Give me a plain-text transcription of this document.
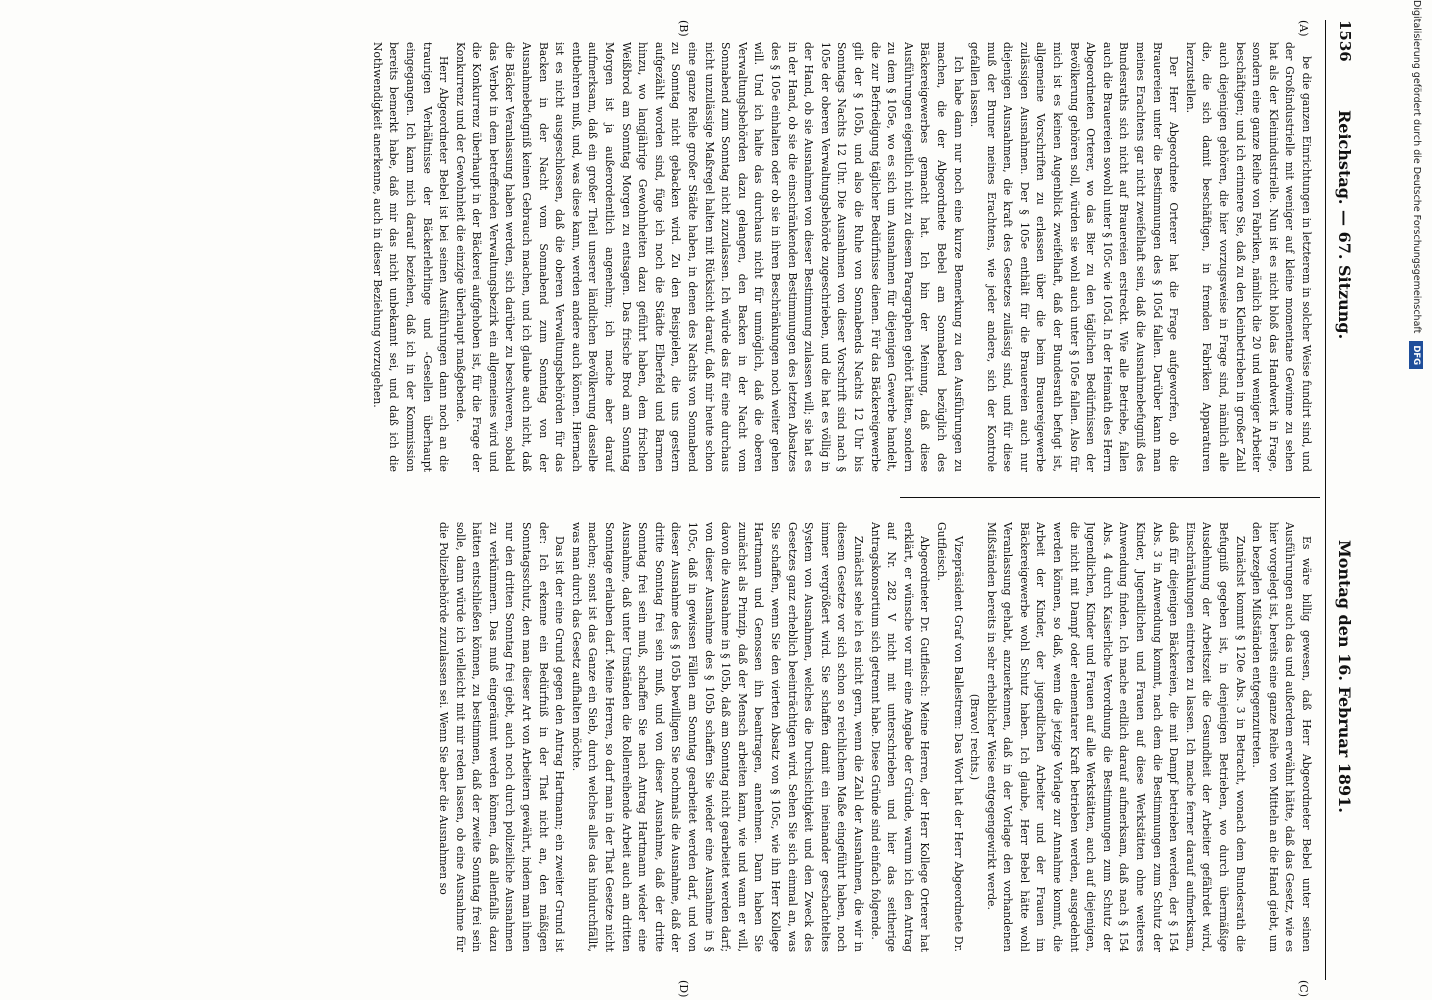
1536
Reichstag. — 67. Sitzung.
Montag den 16. Februar 1891.
(A)
(B)
(C)
(D)

be die ganzen Einrichtungen in letzterem in solcher Weise fundirt sind, und der Großindustrielle mit weniger auf kleine momentane Gewinne zu sehen hat als der Kleinindustrielle. Nun ist es nicht bloß das Handwerk in Frage, sondern eine ganze Reihe von Fabriken, nämlich die 20 und weniger Arbeiter beschäftigen; und ich erinnere Sie, daß zu den Kleinbetrieben in großer Zahl auch diejenigen gehören, die hier vorzugsweise in Frage sind, nämlich alle die, die sich damit beschäftigen, in fremden Fabriken Apparaturen herzustellen.

Der Herr Abgeordnete Orterer hat die Frage aufgeworfen, ob die Brauereien unter die Bestimmungen des § 105d fallen. Darüber kann man meines Erachtens gar nicht zweifelhaft sein, daß die Ausnahmebefugniß des Bundesraths sich nicht auf Brauereien erstreckt. Wie alle Betriebe, fallen auch die Brauereien sowohl unter § 105c wie 105d. In der Heimath des Herrn Abgeordneten Orterer, wo das Bier zu den täglichen Bedürfnissen der Bevölkerung gehören soll, würden sie wohl auch unter § 105e fallen. Also für mich ist es keinen Augenblick zweifelhaft, daß der Bundesrath befugt ist, allgemeine Vorschriften zu erlassen über die beim Brauereigewerbe zulässigen Ausnahmen. Der § 105e enthält für die Brauereien auch nur diejenigen Ausnahmen, die kraft des Gesetzes zulässig sind, und für diese muß der Bruner meines Erachtens, wie jeder andere, sich der Kontrole gefallen lassen.

Ich habe dann nur noch eine kurze Bemerkung zu den Ausführungen zu machen, die der Abgeordnete Bebel am Sonnabend bezüglich des Bäckereigewerbes gemacht hat. Ich bin der Meinung, daß diese Ausführungen eigentlich nicht zu diesem Paragraphen gehört hätten, sondern zu dem § 105e, wo es sich um Ausnahmen für diejenigen Gewerbe handelt, die zur Befriedigung täglicher Bedürfnisse dienen. Für das Bäckereigewerbe gilt der § 105b, und also die Ruhe von Sonnabends Nachts 12 Uhr bis Sonntags Nachts 12 Uhr. Die Ausnahmen von dieser Vorschrift sind nach § 105e der oberen Verwaltungsbehörde zugeschrieben, und die hat es völlig in der Hand, ob sie Ausnahmen von dieser Bestimmung zulassen will; sie hat es in der Hand, ob sie die einschränkenden Bestimmungen des letzten Absatzes des § 105e einhalten oder ob sie in ihren Beschränkungen noch weiter gehen will. Und ich halte das durchaus nicht für unmöglich, daß die oberen Verwaltungsbehörden dazu gelangen, den Backen in der Nacht vom Sonnabend zum Sonntag nicht zuzulassen. Ich würde das für eine durchaus nicht unzulässige Maßregel halten mit Rücksicht darauf, daß mir heute schon eine ganze Reihe großer Städte haben, in denen des Nachts von Sonnabend zu Sonntag nicht gebacken wird. Zu den Beispielen, die uns gestern aufgezählt worden sind, füge ich noch die Städte Elberfeld und Barmen hinzu, wo langjährige Gewohnheiten dazu geführt haben, dem frischen Weißbrod am Sonntag Morgen zu entsagen. Das frische Brod am Sonntag Morgen ist ja außerordentlich angenehm; ich mache aber darauf aufmerksam, daß ein großer Theil unserer ländlichen Bevölkerung dasselbe entbehren muß, und, was diese kann, werden andere auch können. Hiernach ist es nicht ausgeschlossen, daß die oberen Verwaltungsbehörden für das Backen in der Nacht vom Sonnabend zum Sonntag von der Ausnahmebefugniß keinen Gebrauch machen, und ich glaube auch nicht, daß die Bäcker Veranlassung haben werden, sich darüber zu beschweren, sobald das Verbot in dem betreffenden Verwaltungsbezirk ein allgemeines wird und die Konkurrenz überhaupt in der Bäckerei aufgehoben ist, für die Frage der Konkurrenz und der Gewohnheit die einzige überhaupt maßgebende.

Herr Abgeordneter Bebel ist bei seinen Ausführungen dann noch an die traurigen Verhältnisse der Bäckerlehrlinge und -Gesellen überhaupt eingegangen. Ich kann mich darauf beziehen, daß ich in der Kommission bereits bemerkt habe, daß mir das nicht unbekannt sei, und daß ich die Nothwendigkeit anerkenne, auch in dieser Beziehung vorzugehen.

Es wäre billig gewesen, daß Herr Abgeordneter Bebel unter seinen Ausführungen auch das und außerdem erwähnt hätte, daß das Gesetz, wie es hier vorgelegt ist, bereits eine ganze Reihe von Mitteln an die Hand giebt, um den bezeglen Mißständen entgegenzutreten.

Zunächst kommt § 120e Abs. 3 in Betracht, wonach dem Bundesrath die Befugniß gegeben ist, in denjenigen Betrieben, wo durch übermäßige Ausdehnung der Arbeitszeit die Gesundheit der Arbeiter gefährdet wird, Einschränkungen eintreten zu lassen. Ich mache ferner darauf aufmerksam, daß für diejenigen Bäckereien, die mit Dampf betrieben werden, der § 154 Abs. 3 in Anwendung kommt, nach dem die Bestimmungen zum Schutz der Kinder, Jugendlichen und Frauen auf diese Werkstätten ohne weiteres Anwendung finden. Ich mache endlich darauf aufmerksam, daß nach § 154 Abs. 4 durch Kaiserliche Verordnung die Bestimmungen zum Schutz der Jugendlichen, Kinder und Frauen auf alle Werkstätten, auch auf diejenigen, die nicht mit Dampf oder elementarer Kraft betrieben werden, ausgedehnt werden können, so daß, wenn die jetzige Vorlage zur Annahme kommt, die Arbeit der Kinder, der jugendlichen Arbeiter und der Frauen im Bäckereigewerbe wohl Schutz haben. Ich glaube, Herr Bebel hätte wohl Veranlassung gehabt, anzuerkennen, daß in der Vorlage den vorhandenen Mißständen bereits in sehr erheblicher Weise entgegengewirkt werde.

(Bravo! rechts.)

Vizepräsident Graf von Ballestrem: Das Wort hat der Herr Abgeordnete Dr. Gutfleisch.

Abgeordneter Dr. Gutfleisch: Meine Herren, der Herr Kollege Orterer hat erklärt, er wünsche vor mir eine Angabe der Gründe, warum ich den Antrag auf Nr. 282 V nicht mit unterschrieben und hier das seitherige Antragskonsortium sich getrennt habe. Diese Gründe sind einfach folgende.

Zunächst sehe ich es nicht gern, wenn die Zahl der Ausnahmen, die wir in diesem Gesetze vor sich schon so reichlichem Maße eingeführt haben, noch immer vergrößert wird. Sie schaffen damit ein ineinander geschachteltes System von Ausnahmen, welches die Durchsichtigkeit und den Zweck des Gesetzes ganz erheblich beeinträchtigen wird. Sehen Sie sich einmal an, was Sie schaffen, wenn Sie den vierten Absatz von § 105c, wie ihn Herr Kollege Hartmann und Genossen ihn beantragen, annehmen. Dann haben Sie zunächst als Prinzip, daß der Mensch arbeiten kann, wie und wann er will, davon die Ausnahme in § 105b, daß am Sonntag nicht gearbeitet werden darf; von dieser Ausnahme des § 105b schaffen Sie wieder eine Ausnahme in § 105c, daß in gewissen Fällen am Sonntag gearbeitet werden darf, und von dieser Ausnahme des § 105b bewilligen Sie nochmals die Ausnahme, daß der dritte Sonntag frei sein muß, und von dieser Ausnahme, daß der dritte Sonntag frei sein muß, schaffen Sie nach Antrag Hartmann wieder eine Ausnahme, daß unter Umständen die Rollenreihende Arbeit auch am dritten Sonntage erlauben darf. Meine Herren, so darf man in der That Gesetze nicht machen; sonst ist das Ganze ein Sieb, durch welches alles das hindurchfällt, was man durch das Gesetz aufhalten möchte.

Das ist der eine Grund gegen den Antrag Hartmann; ein zweiter Grund ist der: Ich erkenne ein Bedürfniß in der That nicht an, den mäßigen Sonntagsschutz, den man dieser Art von Arbeitern gewährt, indem man ihnen nur den dritten Sonntag frei giebt, auch noch durch polizeiliche Ausnahmen zu verkümmern. Das muß eingeräumt werden können, daß allenfalls dazu hätten entschließen können, zu bestimmen, daß der zweite Sonntag frei sein solle, dann würde ich vielleicht mit mir reden lassen, ob eine Ausnahme für die Polizeibehörde zuzulassen sei. Wenn Sie aber die Ausnahmen so

Digitalisierung gefördert durch die Deutsche ForschungsgemeinschaftDFG
